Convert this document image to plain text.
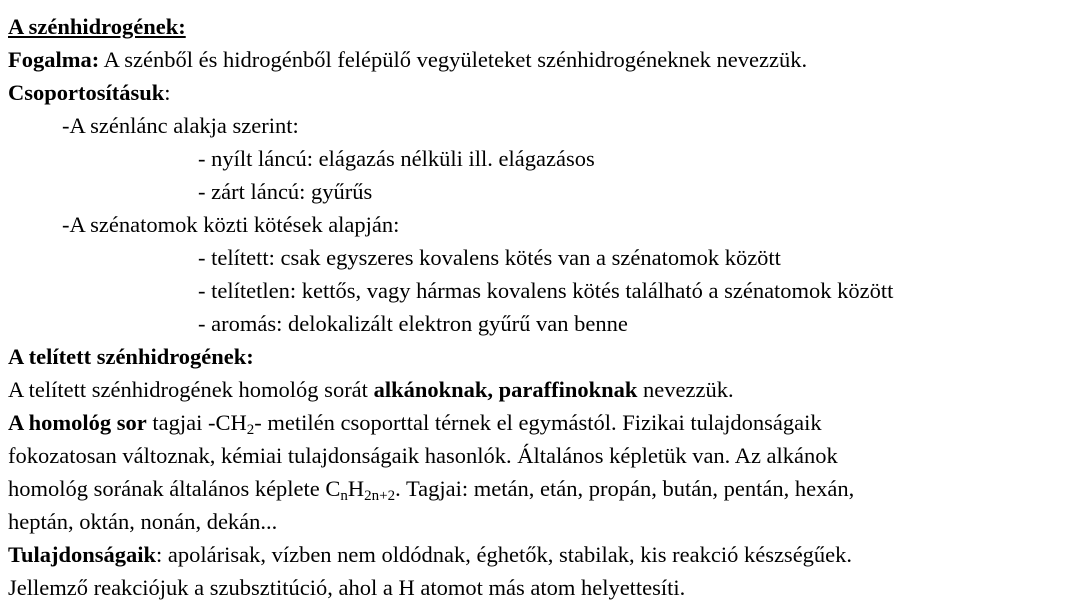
A szénhidrogének:
Fogalma: A szénből és hidrogénből felépülő vegyületeket szénhidrogéneknek nevezzük.
Csoportosításuk:
-A szénlánc alakja szerint:
- nyílt láncú: elágazás nélküli ill. elágazásos
- zárt láncú: gyűrűs
-A szénatomok közti kötések alapján:
- telített: csak egyszeres kovalens kötés van a szénatomok között
- telítetlen: kettős, vagy hármas kovalens kötés található a szénatomok között
- aromás: delokalizált elektron gyűrű van benne
A telített szénhidrogének:
A telített szénhidrogének homológ sorát alkánoknak, paraffinoknak nevezzük.
A homológ sor tagjai $-CH_2-$ metilén csoporttal térnek el egymástól. Fizikai tulajdonságaik
fokozatosan változnak, kémiai tulajdonságaik hasonlók. Általános képletük van. Az alkánok
homológ sorának általános képlete $C_nH_{2n+2}$. Tagjai: metán, etán, propán, bután, pentán, hexán,
heptán, oktán, nonán, dekán...
Tulajdonságaik: apolárisak, vízben nem oldódnak, éghetők, stabilak, kis reakció készségűek.
Jellemző reakciójuk a szubsztitúció, ahol a H atomot más atom helyettesíti.
